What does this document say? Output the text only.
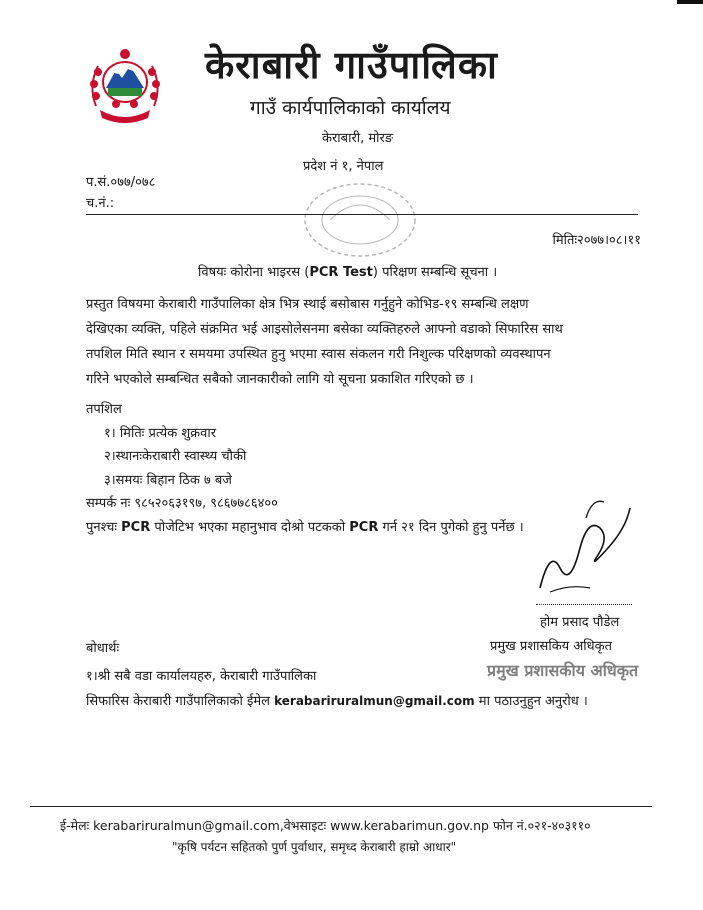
केराबारी गाउँपालिका
गाउँ कार्यपालिकाको कार्यालय
केराबारी, मोरङ
प्रदेश नं १, नेपाल
प.सं.०७७/०७८
च.नं.:
मितिः२०७७।०८।११
विषयः कोरोना भाइरस (PCR Test) परिक्षण सम्बन्धि सूचना ।
प्रस्तुत विषयमा केराबारी गाउँपालिका क्षेत्र भित्र स्थाई बसोबास गर्नुहुने कोभिड-१९ सम्बन्धि लक्षण
देखिएका व्यक्ति, पहिले संक्रमित भई आइसोलेसनमा बसेका व्यक्तिहरुले आफ्नो वडाको सिफारिस साथ
तपशिल मिति स्थान र समयमा उपस्थित हुनु भएमा स्वास संकलन गरी निशुल्क परिक्षणको व्यवस्थापन
गरिने भएकोले सम्बन्धित सबैको जानकारीको लागि यो सूचना प्रकाशित गरिएको छ ।
तपशिल
१। मितिः प्रत्येक शुक्रवार
२।स्थानःकेराबारी स्वास्थ्य चौकी
३।समयः बिहान ठिक ७ बजे
सम्पर्क नः ९८५२०६३१९७, ९८६७७८६४००
पुनश्चः PCR पोजेटिभ भएका महानुभाव दोश्रो पटकको PCR गर्न २१ दिन पुगेको हुनु पर्नेछ ।
होम प्रसाद पौडेल
प्रमुख प्रशासकिय अधिकृत
प्रमुख प्रशासकीय अधिकृत
बोधार्थः
१।श्री सबै वडा कार्यालयहरु, केराबारी गाउँपालिका
सिफारिस केराबारी गाउँपालिकाको ईमेल kerabariruralmun@gmail.com मा पठाउनुहुन अनुरोध ।
ई-मेलः kerabariruralmun@gmail.com,वेभसाइटः www.kerabarimun.gov.np फोन नं.०२१-४०३११०
"कृषि पर्यटन सहितको पुर्ण पुर्वाधार, समृध्द केराबारी हाम्रो आधार"
